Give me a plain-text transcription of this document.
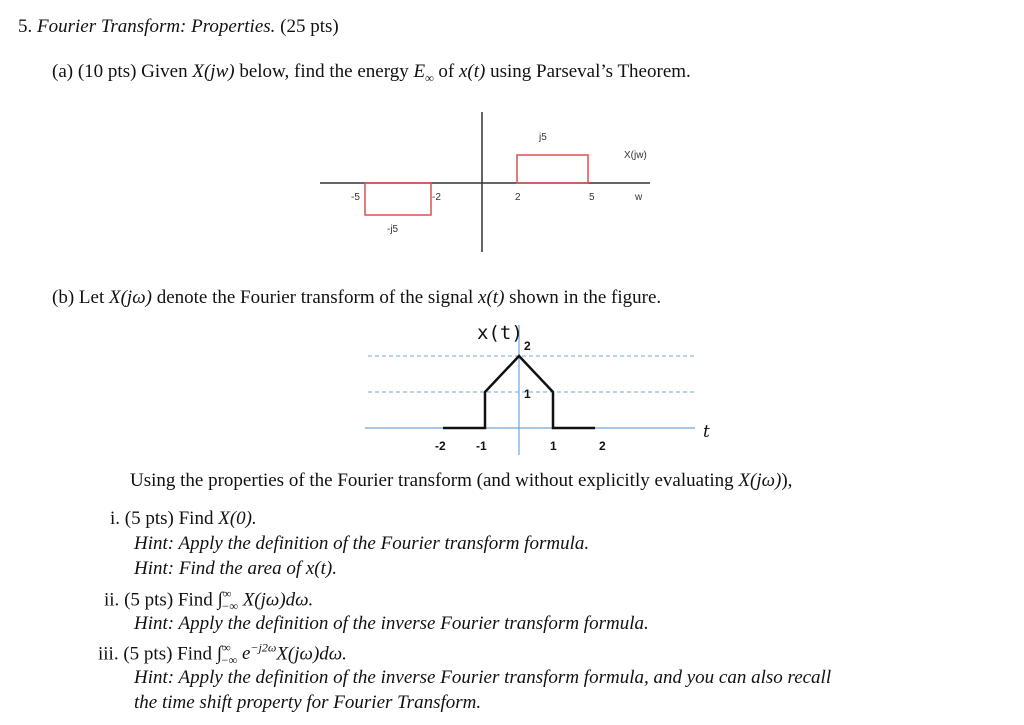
5. Fourier Transform: Properties. (25 pts)
(a) (10 pts) Given X(jw) below, find the energy $E_\infty$ of x(t) using Parseval’s Theorem.
j5
-j5
X(jw)
w
-5	-2	2	5
(b) Let X(jω) denote the Fourier transform of the signal x(t) shown in the figure.
x(t)
2
1
t
-2	-1	1	2
Using the properties of the Fourier transform (and without explicitly evaluating X(jω)),
i. (5 pts) Find X(0).
Hint: Apply the definition of the Fourier transform formula.
Hint: Find the area of x(t).
ii. (5 pts) Find $\int^\infty_{-\infty}$ X(jω)dω.
Hint: Apply the definition of the inverse Fourier transform formula.
iii. (5 pts) Find $\int^\infty_{-\infty}$ $e^{-j2\omega}X(j\omega)d\omega$.
Hint: Apply the definition of the inverse Fourier transform formula, and you can also recall
the time shift property for Fourier Transform.
